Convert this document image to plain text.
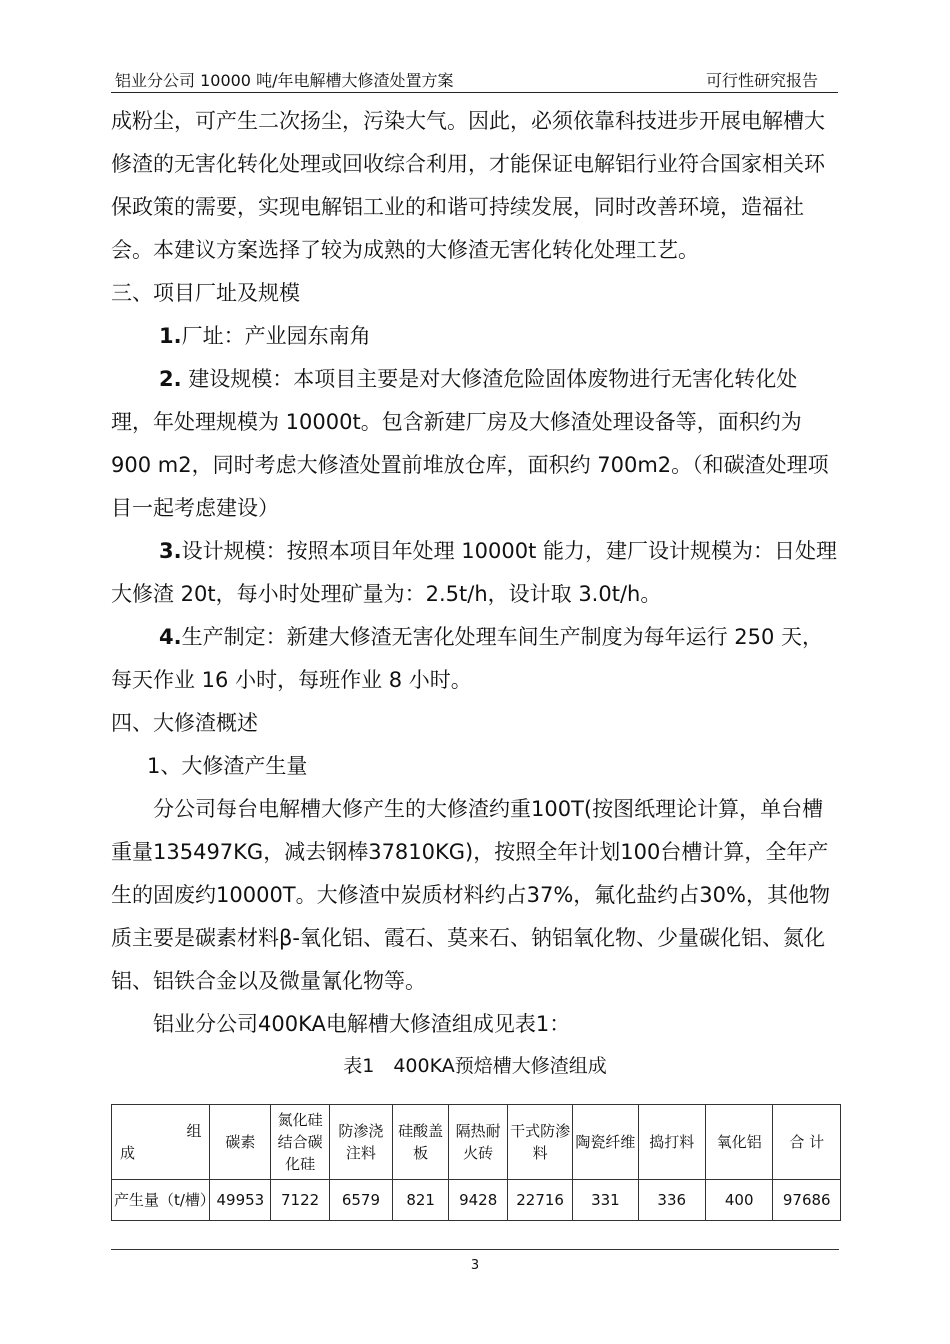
铝业分公司 10000 吨/年电解槽大修渣处置方案	可行性研究报告

成粉尘，可产生二次扬尘，污染大气。因此，必须依靠科技进步开展电解槽大修渣的无害化转化处理或回收综合利用，才能保证电解铝行业符合国家相关环保政策的需要，实现电解铝工业的和谐可持续发展，同时改善环境，造福社会。本建议方案选择了较为成熟的大修渣无害化转化处理工艺。

三、项目厂址及规模

1.厂址：产业园东南角

2. 建设规模：本项目主要是对大修渣危险固体废物进行无害化转化处理，年处理规模为 10000t。包含新建厂房及大修渣处理设备等，面积约为 900 m2，同时考虑大修渣处置前堆放仓库，面积约 700m2。（和碳渣处理项目一起考虑建设）

3.设计规模：按照本项目年处理 10000t 能力，建厂设计规模为：日处理大修渣 20t，每小时处理矿量为：2.5t/h，设计取 3.0t/h。

4.生产制定：新建大修渣无害化处理车间生产制度为每年运行 250 天，每天作业 16 小时，每班作业 8 小时。

四、大修渣概述

1、大修渣产生量

分公司每台电解槽大修产生的大修渣约重100T(按图纸理论计算，单台槽重量135497KG，减去钢棒37810KG)，按照全年计划100台槽计算，全年产生的固废约10000T。大修渣中炭质材料约占37%，氟化盐约占30%，其他物质主要是碳素材料β-氧化铝、霞石、莫来石、钠铝氧化物、少量碳化铝、氮化铝、铝铁合金以及微量氰化物等。

铝业分公司400KA电解槽大修渣组成见表1：

表1　400KA预焙槽大修渣组成

组
成	碳素	氮化硅结合碳化硅	防渗浇注料	硅酸盖板	隔热耐火砖	干式防渗料	陶瓷纤维	捣打料	氧化铝	合 计
产生量（t/槽）	49953	7122	6579	821	9428	22716	331	336	400	97686
3
